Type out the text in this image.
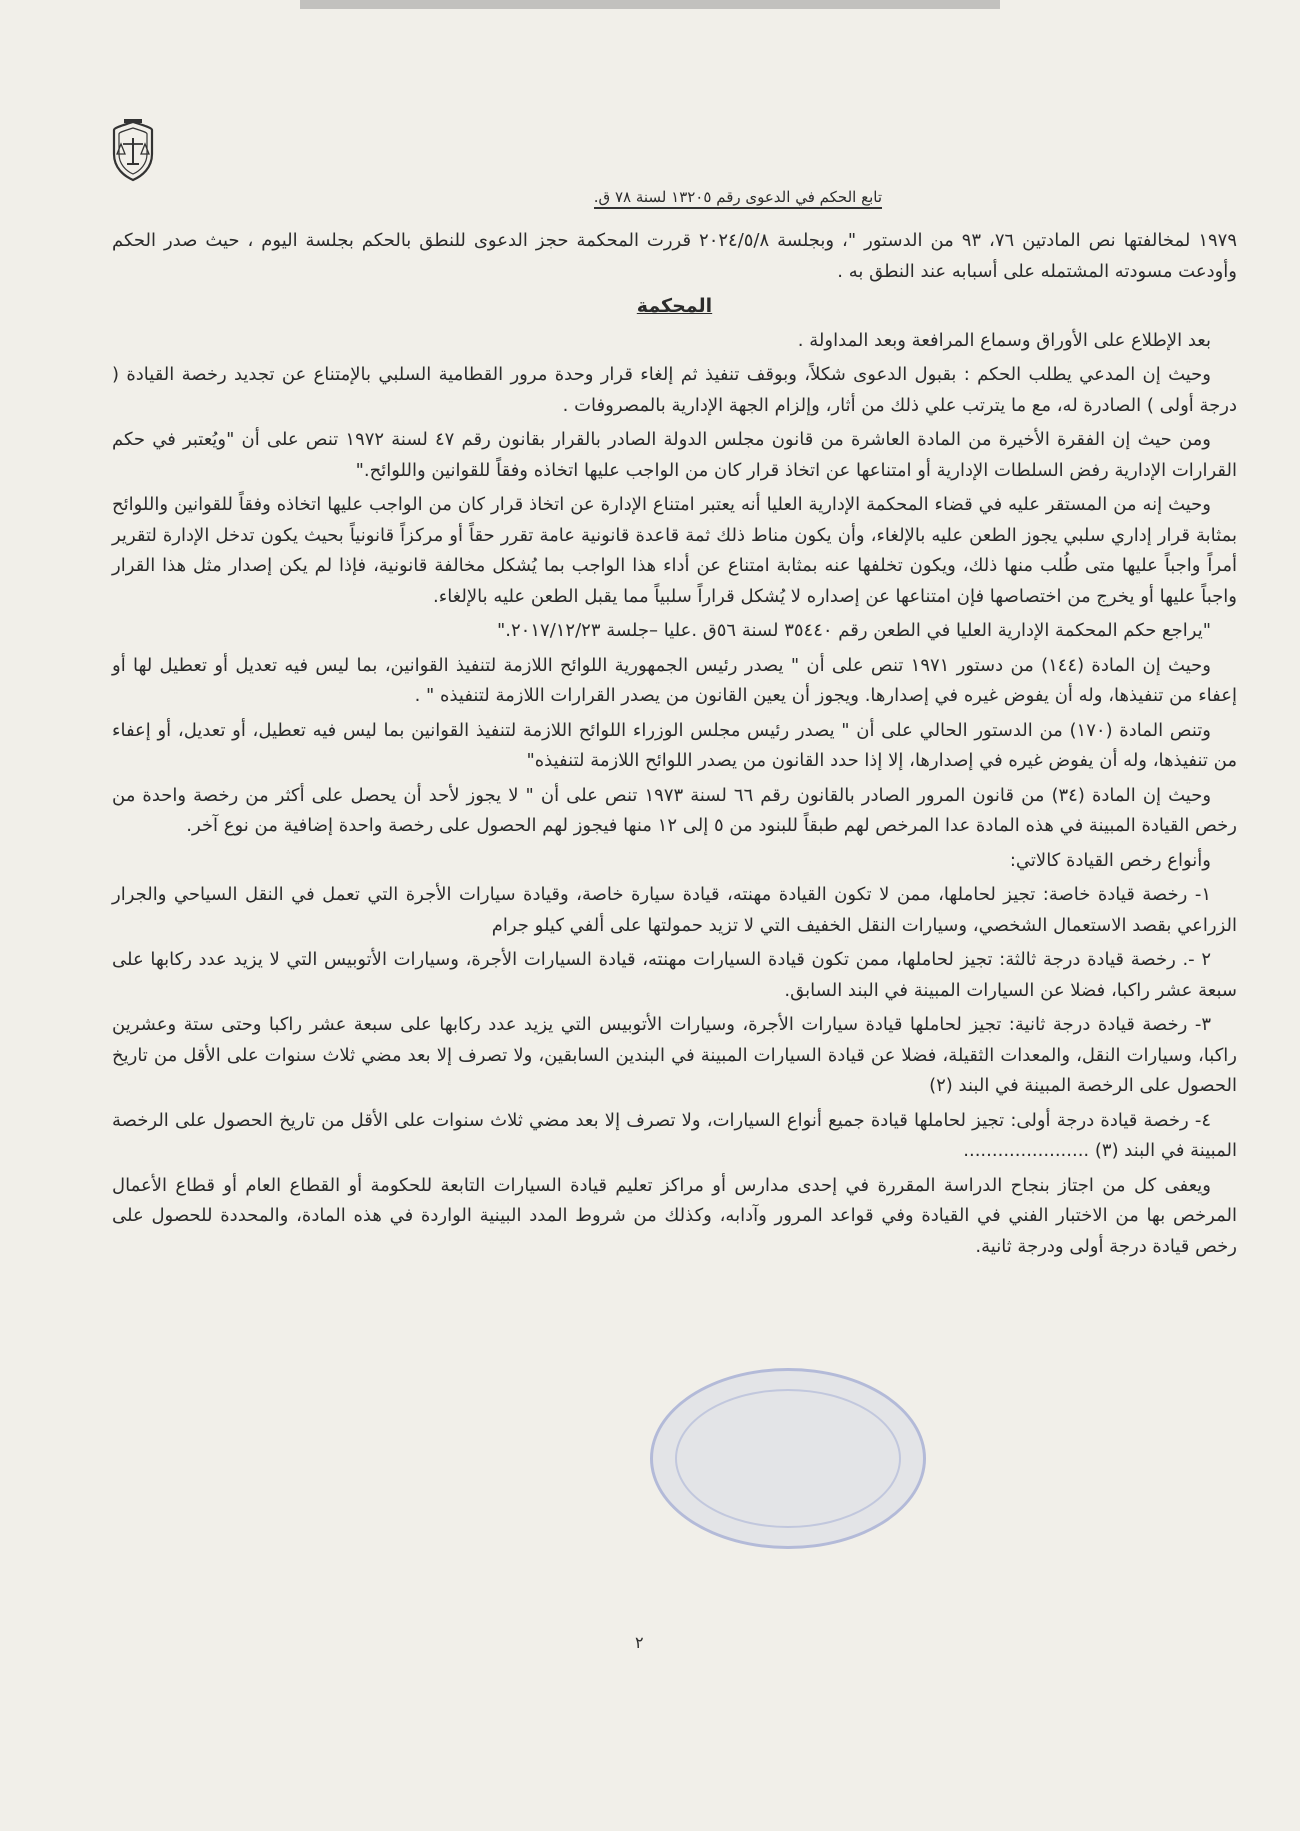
تابع الحكم في الدعوى رقم ١٣٢٠٥ لسنة ٧٨ ق.

١٩٧٩ لمخالفتها نص المادتين ٧٦، ٩٣ من الدستور "، وبجلسة ٢٠٢٤/٥/٨ قررت المحكمة حجز الدعوى للنطق بالحكم بجلسة اليوم ، حيث صدر الحكم وأودعت مسودته المشتمله على أسبابه عند النطق به .

المحكمة

بعد الإطلاع على الأوراق وسماع المرافعة وبعد المداولة .

وحيث إن المدعي يطلب الحكم : بقبول الدعوى شكلاً، وبوقف تنفيذ ثم إلغاء قرار وحدة مرور القطامية السلبي بالإمتناع عن تجديد رخصة القيادة ( درجة أولى ) الصادرة له، مع ما يترتب علي ذلك من أثار، وإلزام الجهة الإدارية بالمصروفات .

ومن حيث إن الفقرة الأخيرة من المادة العاشرة من قانون مجلس الدولة الصادر بالقرار بقانون رقم ٤٧ لسنة ١٩٧٢ تنص على أن "ويُعتبر في حكم القرارات الإدارية رفض السلطات الإدارية أو امتناعها عن اتخاذ قرار كان من الواجب عليها اتخاذه وفقاً للقوانين واللوائح."

وحيث إنه من المستقر عليه في قضاء المحكمة الإدارية العليا أنه يعتبر امتناع الإدارة عن اتخاذ قرار كان من الواجب عليها اتخاذه وفقاً للقوانين واللوائح بمثابة قرار إداري سلبي يجوز الطعن عليه بالإلغاء، وأن يكون مناط ذلك ثمة قاعدة قانونية عامة تقرر حقاً أو مركزاً قانونياً بحيث يكون تدخل الإدارة لتقرير أمراً واجباً عليها متى طُلب منها ذلك، ويكون تخلفها عنه بمثابة امتناع عن أداء هذا الواجب بما يُشكل مخالفة قانونية، فإذا لم يكن إصدار مثل هذا القرار واجباً عليها أو يخرج من اختصاصها فإن امتناعها عن إصداره لا يُشكل قراراً سلبياً مما يقبل الطعن عليه بالإلغاء.

"يراجع حكم المحكمة الإدارية العليا في الطعن رقم ٣٥٤٤٠ لسنة ٥٦ق .عليا –جلسة ٢٠١٧/١٢/٢٣."

وحيث إن المادة (١٤٤) من دستور ١٩٧١ تنص على أن " يصدر رئيس الجمهورية اللوائح اللازمة لتنفيذ القوانين، بما ليس فيه تعديل أو تعطيل لها أو إعفاء من تنفيذها، وله أن يفوض غيره في إصدارها. ويجوز أن يعين القانون من يصدر القرارات اللازمة لتنفيذه " .

وتنص المادة (١٧٠) من الدستور الحالي على أن " يصدر رئيس مجلس الوزراء اللوائح اللازمة لتنفيذ القوانين بما ليس فيه تعطيل، أو تعديل، أو إعفاء من تنفيذها، وله أن يفوض غيره في إصدارها، إلا إذا حدد القانون من يصدر اللوائح اللازمة لتنفيذه"

وحيث إن المادة (٣٤) من قانون المرور الصادر بالقانون رقم ٦٦ لسنة ١٩٧٣ تنص على أن " لا يجوز لأحد أن يحصل على أكثر من رخصة واحدة من رخص القيادة المبينة في هذه المادة عدا المرخص لهم طبقاً للبنود من ٥ إلى ١٢ منها فيجوز لهم الحصول على رخصة واحدة إضافية من نوع آخر.

وأنواع رخص القيادة كالاتي:

١- رخصة قيادة خاصة: تجيز لحاملها، ممن لا تكون القيادة مهنته، قيادة سيارة خاصة، وقيادة سيارات الأجرة التي تعمل في النقل السياحي والجرار الزراعي بقصد الاستعمال الشخصي، وسيارات النقل الخفيف التي لا تزيد حمولتها على ألفي كيلو جرام

٢ -. رخصة قيادة درجة ثالثة: تجيز لحاملها، ممن تكون قيادة السيارات مهنته، قيادة السيارات الأجرة، وسيارات الأتوبيس التي لا يزيد عدد ركابها على سبعة عشر راكبا، فضلا عن السيارات المبينة في البند السابق.

٣- رخصة قيادة درجة ثانية: تجيز لحاملها قيادة سيارات الأجرة، وسيارات الأتوبيس التي يزيد عدد ركابها على سبعة عشر راكبا وحتى ستة وعشرين راكبا، وسيارات النقل، والمعدات الثقيلة، فضلا عن قيادة السيارات المبينة في البندين السابقين، ولا تصرف إلا بعد مضي ثلاث سنوات على الأقل من تاريخ الحصول على الرخصة المبينة في البند (٢)

٤- رخصة قيادة درجة أولى: تجيز لحاملها قيادة جميع أنواع السيارات، ولا تصرف إلا بعد مضي ثلاث سنوات على الأقل من تاريخ الحصول على الرخصة المبينة في البند (٣) ......................

ويعفى كل من اجتاز بنجاح الدراسة المقررة في إحدى مدارس أو مراكز تعليم قيادة السيارات التابعة للحكومة أو القطاع العام أو قطاع الأعمال المرخص بها من الاختبار الفني في القيادة وفي قواعد المرور وآدابه، وكذلك من شروط المدد البينية الواردة في هذه المادة، والمحددة للحصول على رخص قيادة درجة أولى ودرجة ثانية.

٢
